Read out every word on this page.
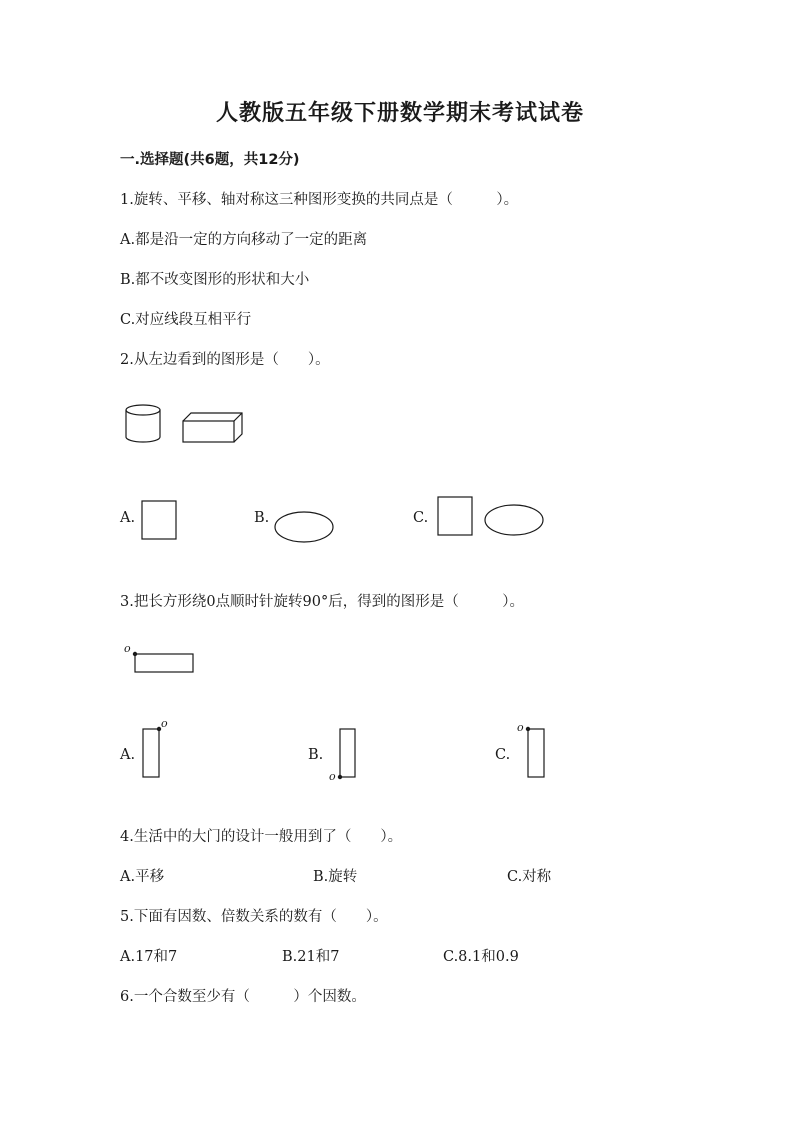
人教版五年级下册数学期末考试试卷
一.选择题(共6题，共12分)
1.旋转、平移、轴对称这三种图形变换的共同点是（　　　）。
A.都是沿一定的方向移动了一定的距离
B.都不改变图形的形状和大小
C.对应线段互相平行
2.从左边看到的图形是（　　）。
A.	B.	C.
3.把长方形绕0点顺时针旋转90°后，得到的图形是（　　　）。
A.	B.	C.
4.生活中的大门的设计一般用到了（　　）。
A.平移	B.旋转	C.对称
5.下面有因数、倍数关系的数有（　　）。
A.17和7	B.21和7	C.8.1和0.9
6.一个合数至少有（　　　）个因数。
o
o
o
o
